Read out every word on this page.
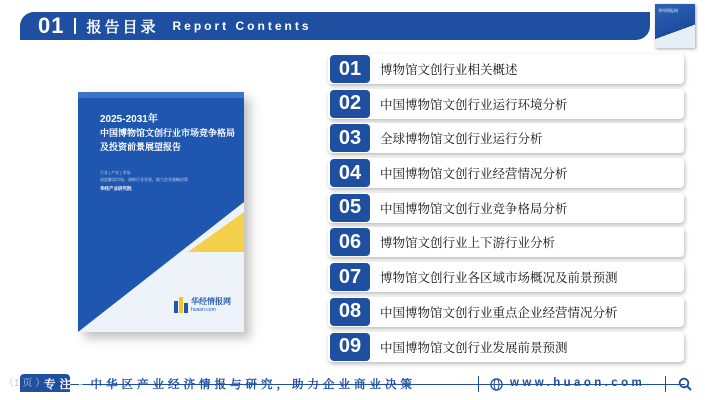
01 报告目录 Report Contents
华经情报网
2025-2031年
中国博物馆文创行业市场竞争格局及投资前景展望报告
行业 | 产业 | 市场
深度解读市场，洞察行业发展，助力企业战略决策
华经产业研究院
华经情报网
huaon.com
01	博物馆文创行业相关概述
02	中国博物馆文创行业运行环境分析
03	全球博物馆文创行业运行分析
04	中国博物馆文创行业经营情况分析
05	中国博物馆文创行业竞争格局分析
06	博物馆文创行业上下游行业分析
07	博物馆文创行业各区域市场概况及前景预测
08	中国博物馆文创行业重点企业经营情况分析
09	中国博物馆文创行业发展前景预测
（1 页 ）
专注大中华区产业经济情报与研究，助力企业商业决策	www.huaon.com
